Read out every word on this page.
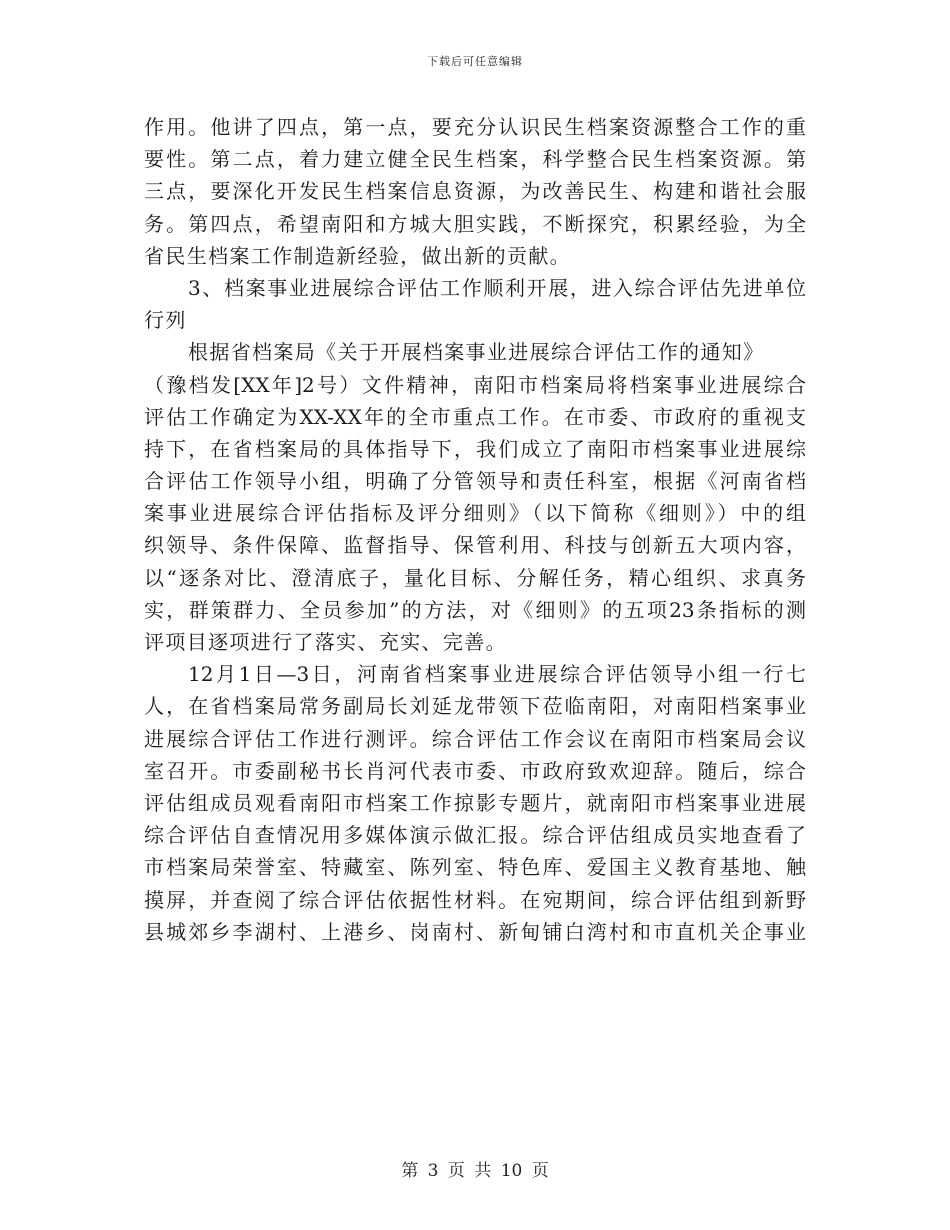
下载后可任意编辑
作用。他讲了四点，第一点，要充分认识民生档案资源整合工作的重
要性。第二点，着力建立健全民生档案，科学整合民生档案资源。第
三点，要深化开发民生档案信息资源，为改善民生、构建和谐社会服
务。第四点，希望南阳和方城大胆实践，不断探究，积累经验，为全
省民生档案工作制造新经验，做出新的贡献。
3、档案事业进展综合评估工作顺利开展，进入综合评估先进单位
行列
根据省档案局《关于开展档案事业进展综合评估工作的通知》
（豫档发[XX年]2号）文件精神，南阳市档案局将档案事业进展综合
评估工作确定为XX-XX年的全市重点工作。在市委、市政府的重视支
持下，在省档案局的具体指导下，我们成立了南阳市档案事业进展综
合评估工作领导小组，明确了分管领导和责任科室，根据《河南省档
案事业进展综合评估指标及评分细则》（以下简称《细则》）中的组
织领导、条件保障、监督指导、保管利用、科技与创新五大项内容，
以“逐条对比、澄清底子，量化目标、分解任务，精心组织、求真务
实，群策群力、全员参加”的方法，对《细则》的五项23条指标的测
评项目逐项进行了落实、充实、完善。
12月1日—3日，河南省档案事业进展综合评估领导小组一行七
人，在省档案局常务副局长刘延龙带领下莅临南阳，对南阳档案事业
进展综合评估工作进行测评。综合评估工作会议在南阳市档案局会议
室召开。市委副秘书长肖河代表市委、市政府致欢迎辞。随后，综合
评估组成员观看南阳市档案工作掠影专题片，就南阳市档案事业进展
综合评估自查情况用多媒体演示做汇报。综合评估组成员实地查看了
市档案局荣誉室、特藏室、陈列室、特色库、爱国主义教育基地、触
摸屏，并查阅了综合评估依据性材料。在宛期间，综合评估组到新野
县城郊乡李湖村、上港乡、岗南村、新甸铺白湾村和市直机关企事业
第 3 页 共 10 页
